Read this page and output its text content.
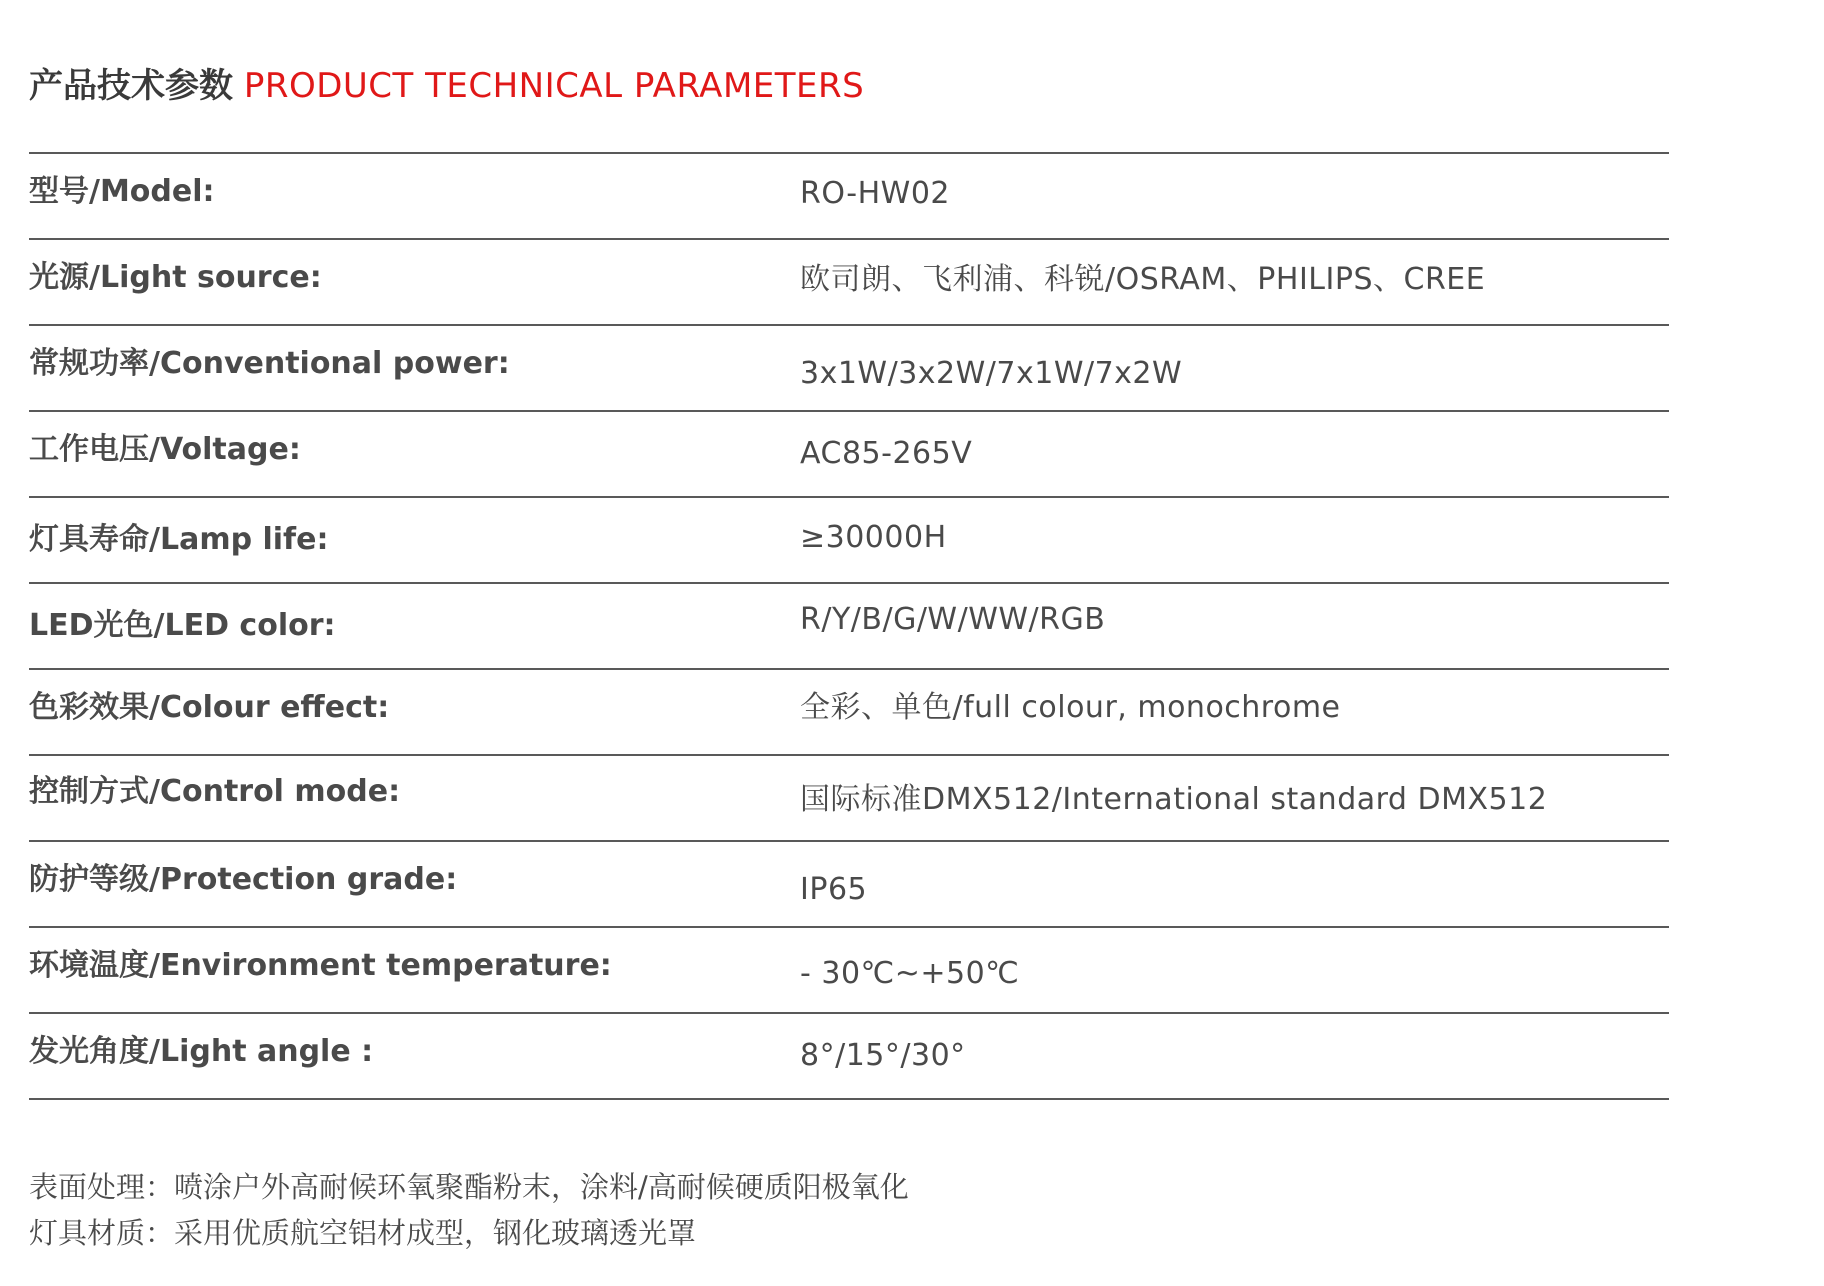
产品技术参数 PRODUCT TECHNICAL PARAMETERS
型号/Model:	RO-HW02
光源/Light source:	欧司朗、飞利浦、科锐/OSRAM、PHILIPS、CREE
常规功率/Conventional power:	3x1W/3x2W/7x1W/7x2W
工作电压/Voltage:	AC85-265V
灯具寿命/Lamp life:	≥30000H
LED光色/LED color:	R/Y/B/G/W/WW/RGB
色彩效果/Colour effect:	全彩、单色/full colour, monochrome
控制方式/Control mode:	国际标准DMX512/International standard DMX512
防护等级/Protection grade:	IP65
环境温度/Environment temperature:	- 30℃~+50℃
发光角度/Light angle :	8°/15°/30°
表面处理：喷涂户外高耐候环氧聚酯粉末，涂料/高耐候硬质阳极氧化
灯具材质：采用优质航空铝材成型，钢化玻璃透光罩
